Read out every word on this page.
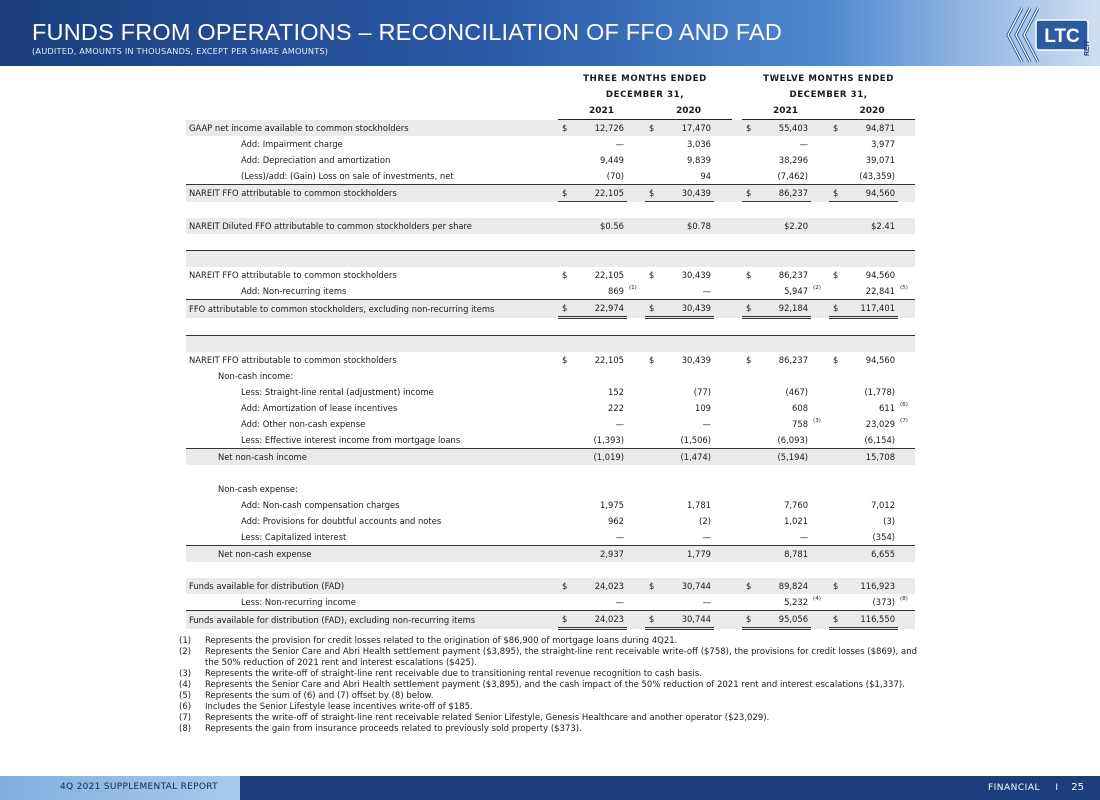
FUNDS FROM OPERATIONS – RECONCILIATION OF FFO AND FAD
(AUDITED, AMOUNTS IN THOUSANDS, EXCEPT PER SHARE AMOUNTS)
LTC
REIT
	THREE MONTHS ENDED							TWELVE MONTHS ENDED					
	DECEMBER 31,							DECEMBER 31,					
	2021			2020				2021			2020		
GAAP net income available to common stockholders	$	12,726		$	17,470			$	55,403		$	94,871	
Add: Impairment charge		—			3,036				—			3,977	
Add: Depreciation and amortization		9,449			9,839				38,296			39,071	
(Less)/add: (Gain) Loss on sale of investments, net		(70)			94				(7,462)			(43,359)	
NAREIT FFO attributable to common stockholders	$	22,105		$	30,439			$	86,237		$	94,560	

NAREIT Diluted FFO attributable to common stockholders per share		$0.56			$0.78				$2.20			$2.41	

NAREIT FFO attributable to common stockholders	$	22,105		$	30,439			$	86,237		$	94,560	
Add: Non-recurring items		869	(1)		—				5,947	(2)		22,841	(5)
FFO attributable to common stockholders, excluding non-recurring items	$	22,974		$	30,439			$	92,184		$	117,401	

NAREIT FFO attributable to common stockholders	$	22,105		$	30,439			$	86,237		$	94,560	
Non-cash income:													
Less: Straight-line rental (adjustment) income		152			(77)				(467)			(1,778)	
Add: Amortization of lease incentives		222			109				608			611	(6)
Add: Other non-cash expense		—			—				758	(3)		23,029	(7)
Less: Effective interest income from mortgage loans		(1,393)			(1,506)				(6,093)			(6,154)	
Net non-cash income		(1,019)			(1,474)				(5,194)			15,708	

Non-cash expense:													
Add: Non-cash compensation charges		1,975			1,781				7,760			7,012	
Add: Provisions for doubtful accounts and notes		962			(2)				1,021			(3)	
Less: Capitalized interest		—			—				—			(354)	
Net non-cash expense		2,937			1,779				8,781			6,655	

Funds available for distribution (FAD)	$	24,023		$	30,744			$	89,824		$	116,923	
Less: Non-recurring income		—			—				5,232	(4)		(373)	(8)
Funds available for distribution (FAD), excluding non-recurring items	$	24,023		$	30,744			$	95,056		$	116,550	
(1)	Represents the provision for credit losses related to the origination of $86,900 of mortgage loans during 4Q21.
(2)	Represents the Senior Care and Abri Health settlement payment ($3,895), the straight-line rent receivable write-off ($758), the provisions for credit losses ($869), and the 50% reduction of 2021 rent and interest escalations ($425).
(3)	Represents the write-off of straight-line rent receivable due to transitioning rental revenue recognition to cash basis.
(4)	Represents the Senior Care and Abri Health settlement payment ($3,895), and the cash impact of the 50% reduction of 2021 rent and interest escalations ($1,337).
(5)	Represents the sum of (6) and (7) offset by (8) below.
(6)	Includes the Senior Lifestyle lease incentives write-off of $185.
(7)	Represents the write-off of straight-line rent receivable related Senior Lifestyle, Genesis Healthcare and another operator ($23,029).
(8)	Represents the gain from insurance proceeds related to previously sold property ($373).
4Q 2021 SUPPLEMENTAL REPORT	FINANCIAL I 25
